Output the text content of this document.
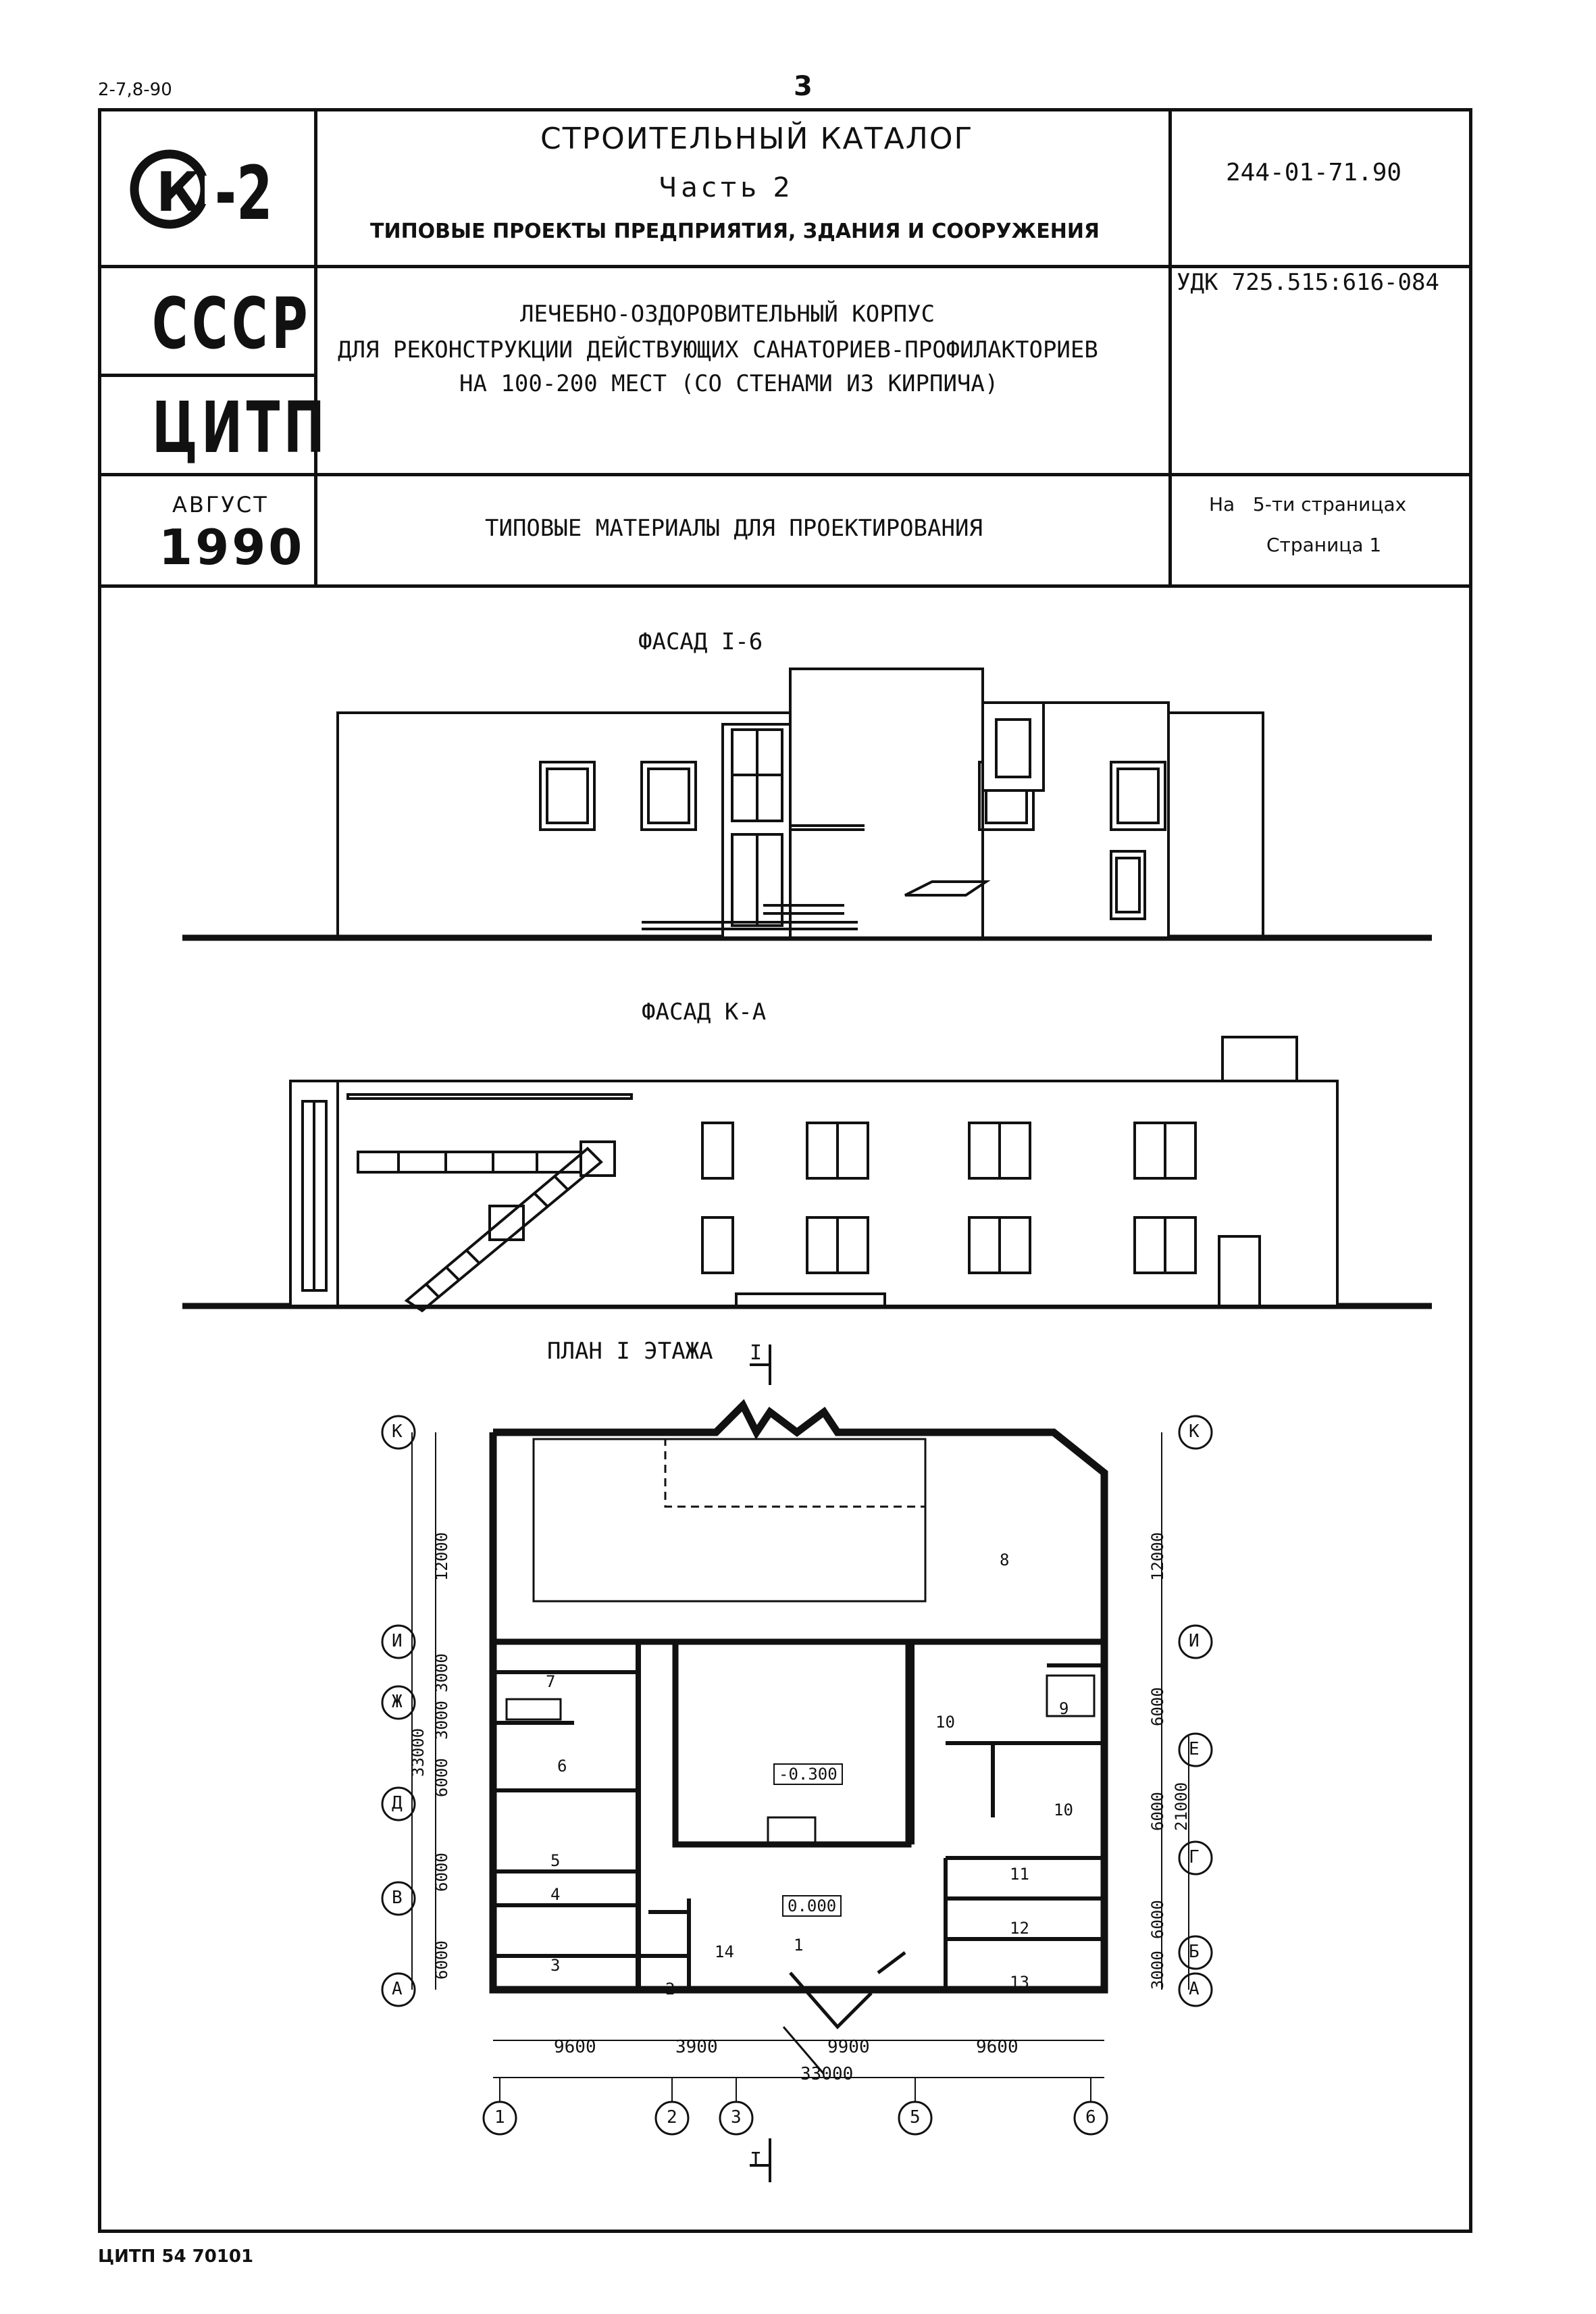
2-7,8-90	3
К -2
СТРОИТЕЛЬНЫЙ КАТАЛОГ
Часть 2
ТИПОВЫЕ ПРОЕКТЫ ПРЕДПРИЯТИЯ, ЗДАНИЯ И СООРУЖЕНИЯ
244-01-71.90
СССР
ЦИТП
УДК 725.515:616-084
ЛЕЧЕБНО-ОЗДОРОВИТЕЛЬНЫЙ КОРПУС
ДЛЯ РЕКОНСТРУКЦИИ ДЕЙСТВУЮЩИХ САНАТОРИЕВ-ПРОФИЛАКТОРИЕВ
НА 100-200 МЕСТ (СО СТЕНАМИ ИЗ КИРПИЧА)
АВГУСТ
1990	ТИПОВЫЕ МАТЕРИАЛЫ ДЛЯ ПРОЕКТИРОВАНИЯ
На   5-ти страницах
Страница 1
ФАСАД I-6
ФАСАД К-А
ПЛАН I ЭТАЖА I
I
К
И
Ж
Д
В
А
К
И
Е
Г
Б
А
1	2	3	5	6
12000
3000
3000
6000
6000
6000
33000
12000
6000
6000 21000
6000
3000
9600	3900	9900	9600
33000
-0.300
0.000
1
2
3
4
5
6
7
8
9
10
10
11
12
13
14
ЦИТП 54 70101
